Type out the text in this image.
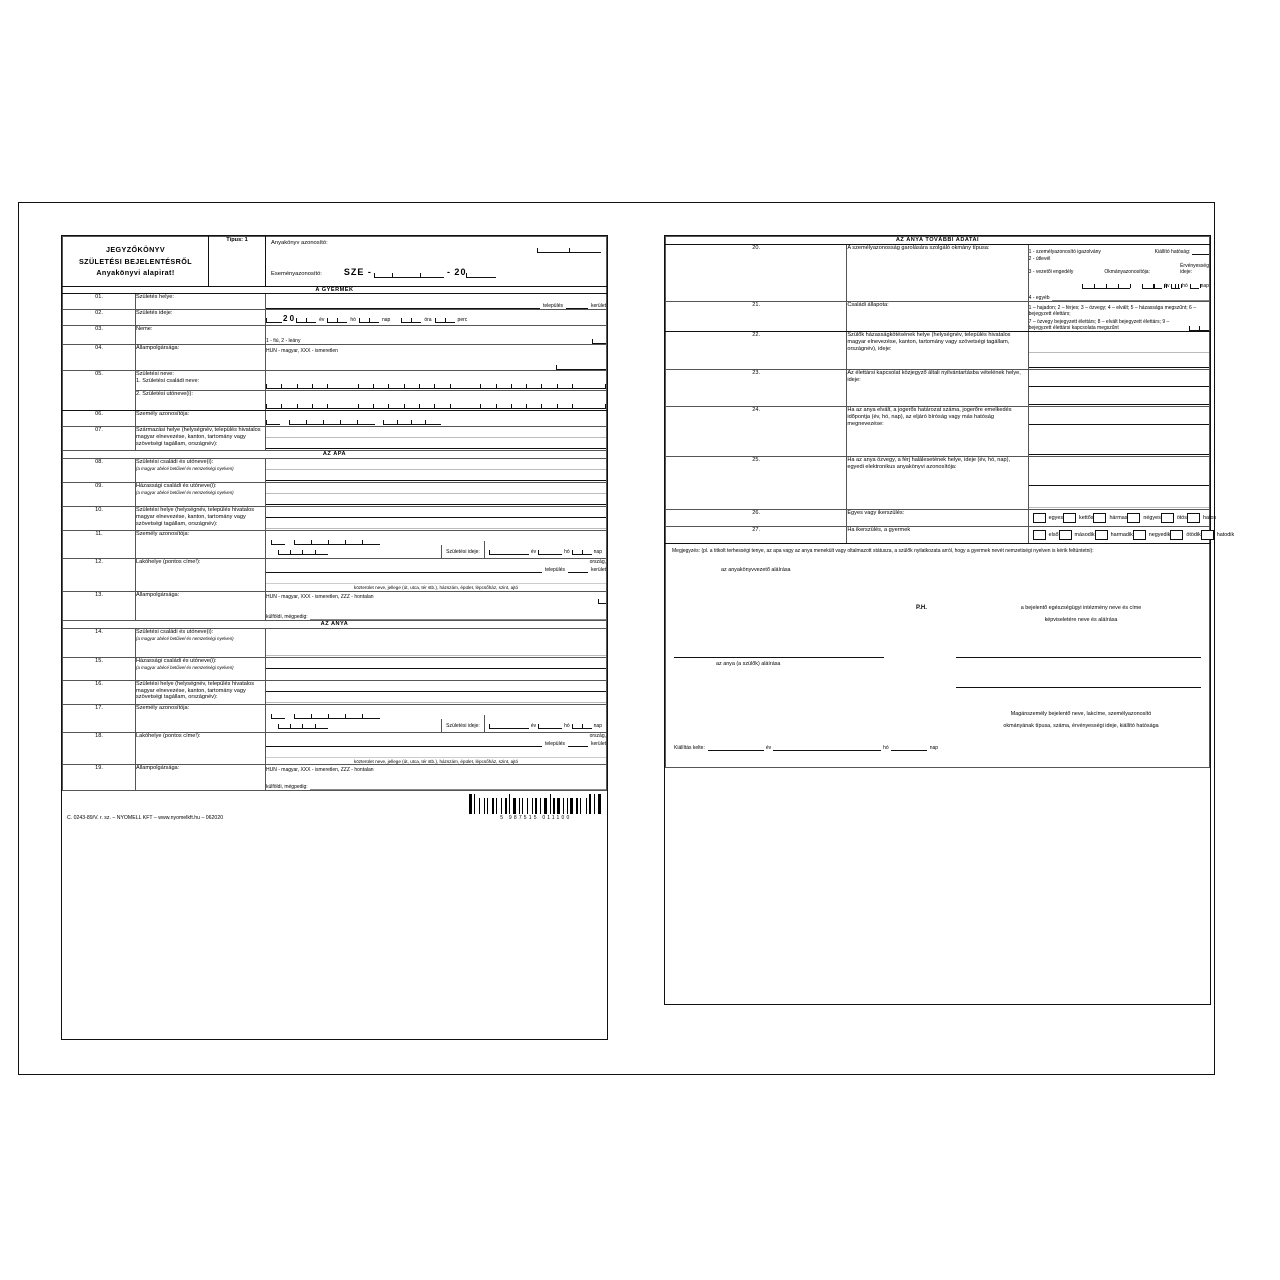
JEGYZŐKÖNYV
SZÜLETÉSI BEJELENTÉSRŐL
Anyakönyvi alapirat!
	Típus: 1	Anyakönyv azonosító:
Eseményazonosító: SZE -	- 20

A GYERMEK			
01.	Születés helye:		település kerület

02.	Születés ideje:	
2 0	év	hó	nap	óra	perc

03.	Neme:		1 - fiú, 2 - leány

04.	Állampolgársága:		HUN - magyar, XXX - ismeretlen

05.	Születési neve:
1. Születési családi neve:		

	2. Születési utóneve(i):		

06.	Személy azonosítója:		

07.	Származási helye (helységnév, település hivatalos magyar elnevezése, kanton, tartomány vagy szövetségi tagállam, országnév):		

AZ APA			
08.	Születési családi és utóneve(i):
(a magyar abécé betűivel és nemzetiségi nyelven)		

09.	Házassági családi és utóneve(i):
(a magyar abécé betűivel és nemzetiségi nyelven)		

10.	Születési helye (helységnév, település hivatalos magyar elnevezése, kanton, tartomány vagy szövetségi tagállam, országnév):		

11.	Személy azonosítója:		Születési ideje: év hó nap

12.	Lakóhelye (pontos címe!):		ország,
település kerület
közterület neve, jellege (út, utca, tér stb.), házszám, épület, lépcsőház, szint, ajtó

13.	Állampolgársága:		HUN - magyar, XXX - ismeretlen, ZZZ - hontalan
külföldi, mégpedig:

AZ ANYA			
14.	Születési családi és utóneve(i):
(a magyar abécé betűivel és nemzetiségi nyelven)		

15.	Házassági családi és utóneve(i):
(a magyar abécé betűivel és nemzetiségi nyelven)		

16.	Születési helye (helységnév, település hivatalos magyar elnevezése, kanton, tartomány vagy szövetségi tagállam, országnév):		

17.	Személy azonosítója:		Születési ideje: év hó nap

18.	Lakóhelye (pontos címe!):		ország,
település kerület
közterület neve, jellege (út, utca, tér stb.), házszám, épület, lépcsőház, szint, ajtó

19.	Állampolgársága:		HUN - magyar, XXX - ismeretlen, ZZZ - hontalan
külföldi, mégpedig:
C. 0243-89/V. r. sz. – NYOMELL KFT – www.nyomelkft.hu – 062020	5 987515 011100
AZ ANYA TOVÁBBI ADATAI		
20.	A személyazonosság garolására szolgáló okmány típusa:	
1 - személyazonosító igazolvány	Kiállító hatóság:
2 - útlevél
3 - vezetői engedély	Okmányazonosítója:
Érvényesség ideje:
év	hó	nap
4 - egyéb

21.	Családi állapota:	1 – hajadon; 2 – férjes; 3 – özvegy; 4 – elvált; 5 – házassága megszűnt; 6 – bejegyzett élettárs;
7 – özvegy bejegyzett élettárs; 8 – elvált bejegyzett élettárs; 9 – bejegyzett élettársi kapcsolata megszűnt

22.	Szülők házasságkötésének helye (helységnév, település hivatalos magyar elnevezése, kanton, tartomány vagy szövetségi tagállam, országnév), ideje:	

23.	Az élettársi kapcsolat közjegyző általi nyilvántartásba vételének helye, ideje:	

24.	Ha az anya elvált, a jogerős határozat száma, jogerőre emelkedés időpontja (év, hó, nap), az eljáró bíróság vagy más hatóság megnevezése:	

25.	Ha az anya özvegy, a férj halálesetének helye, ideje (év, hó, nap), egyedi elektronikus anyakönyvi azonosítója:	

26.	Egyes vagy ikerszülés:	
egyes	kettős	hármas	négyes	ötös	hatos

27.	Ha ikerszülés, a gyermek	
első	második	harmadik	negyedik	ötödik	hatodik

Megjegyzés: (pl. a titkolt terhességi tenye, az apa vagy az anya menekült vagy oltalmazott státusza, a szülők nyilatkozata arról, hogy a gyermek nevét nemzetiségi nyelven is kérik feltüntetni):
az anyakönyvvezető aláírása
P.H.	a bejelentő egészségügyi intézmény neve és címe
képviseletére neve és aláírása
az anya (a szülők) aláírása
Magánszemély bejelentő neve, lakcíme, személyazonosító
okmányának típusa, száma, érvényességi ideje, kiállító hatósága
Kiállítás kelte:	év	hó	nap
